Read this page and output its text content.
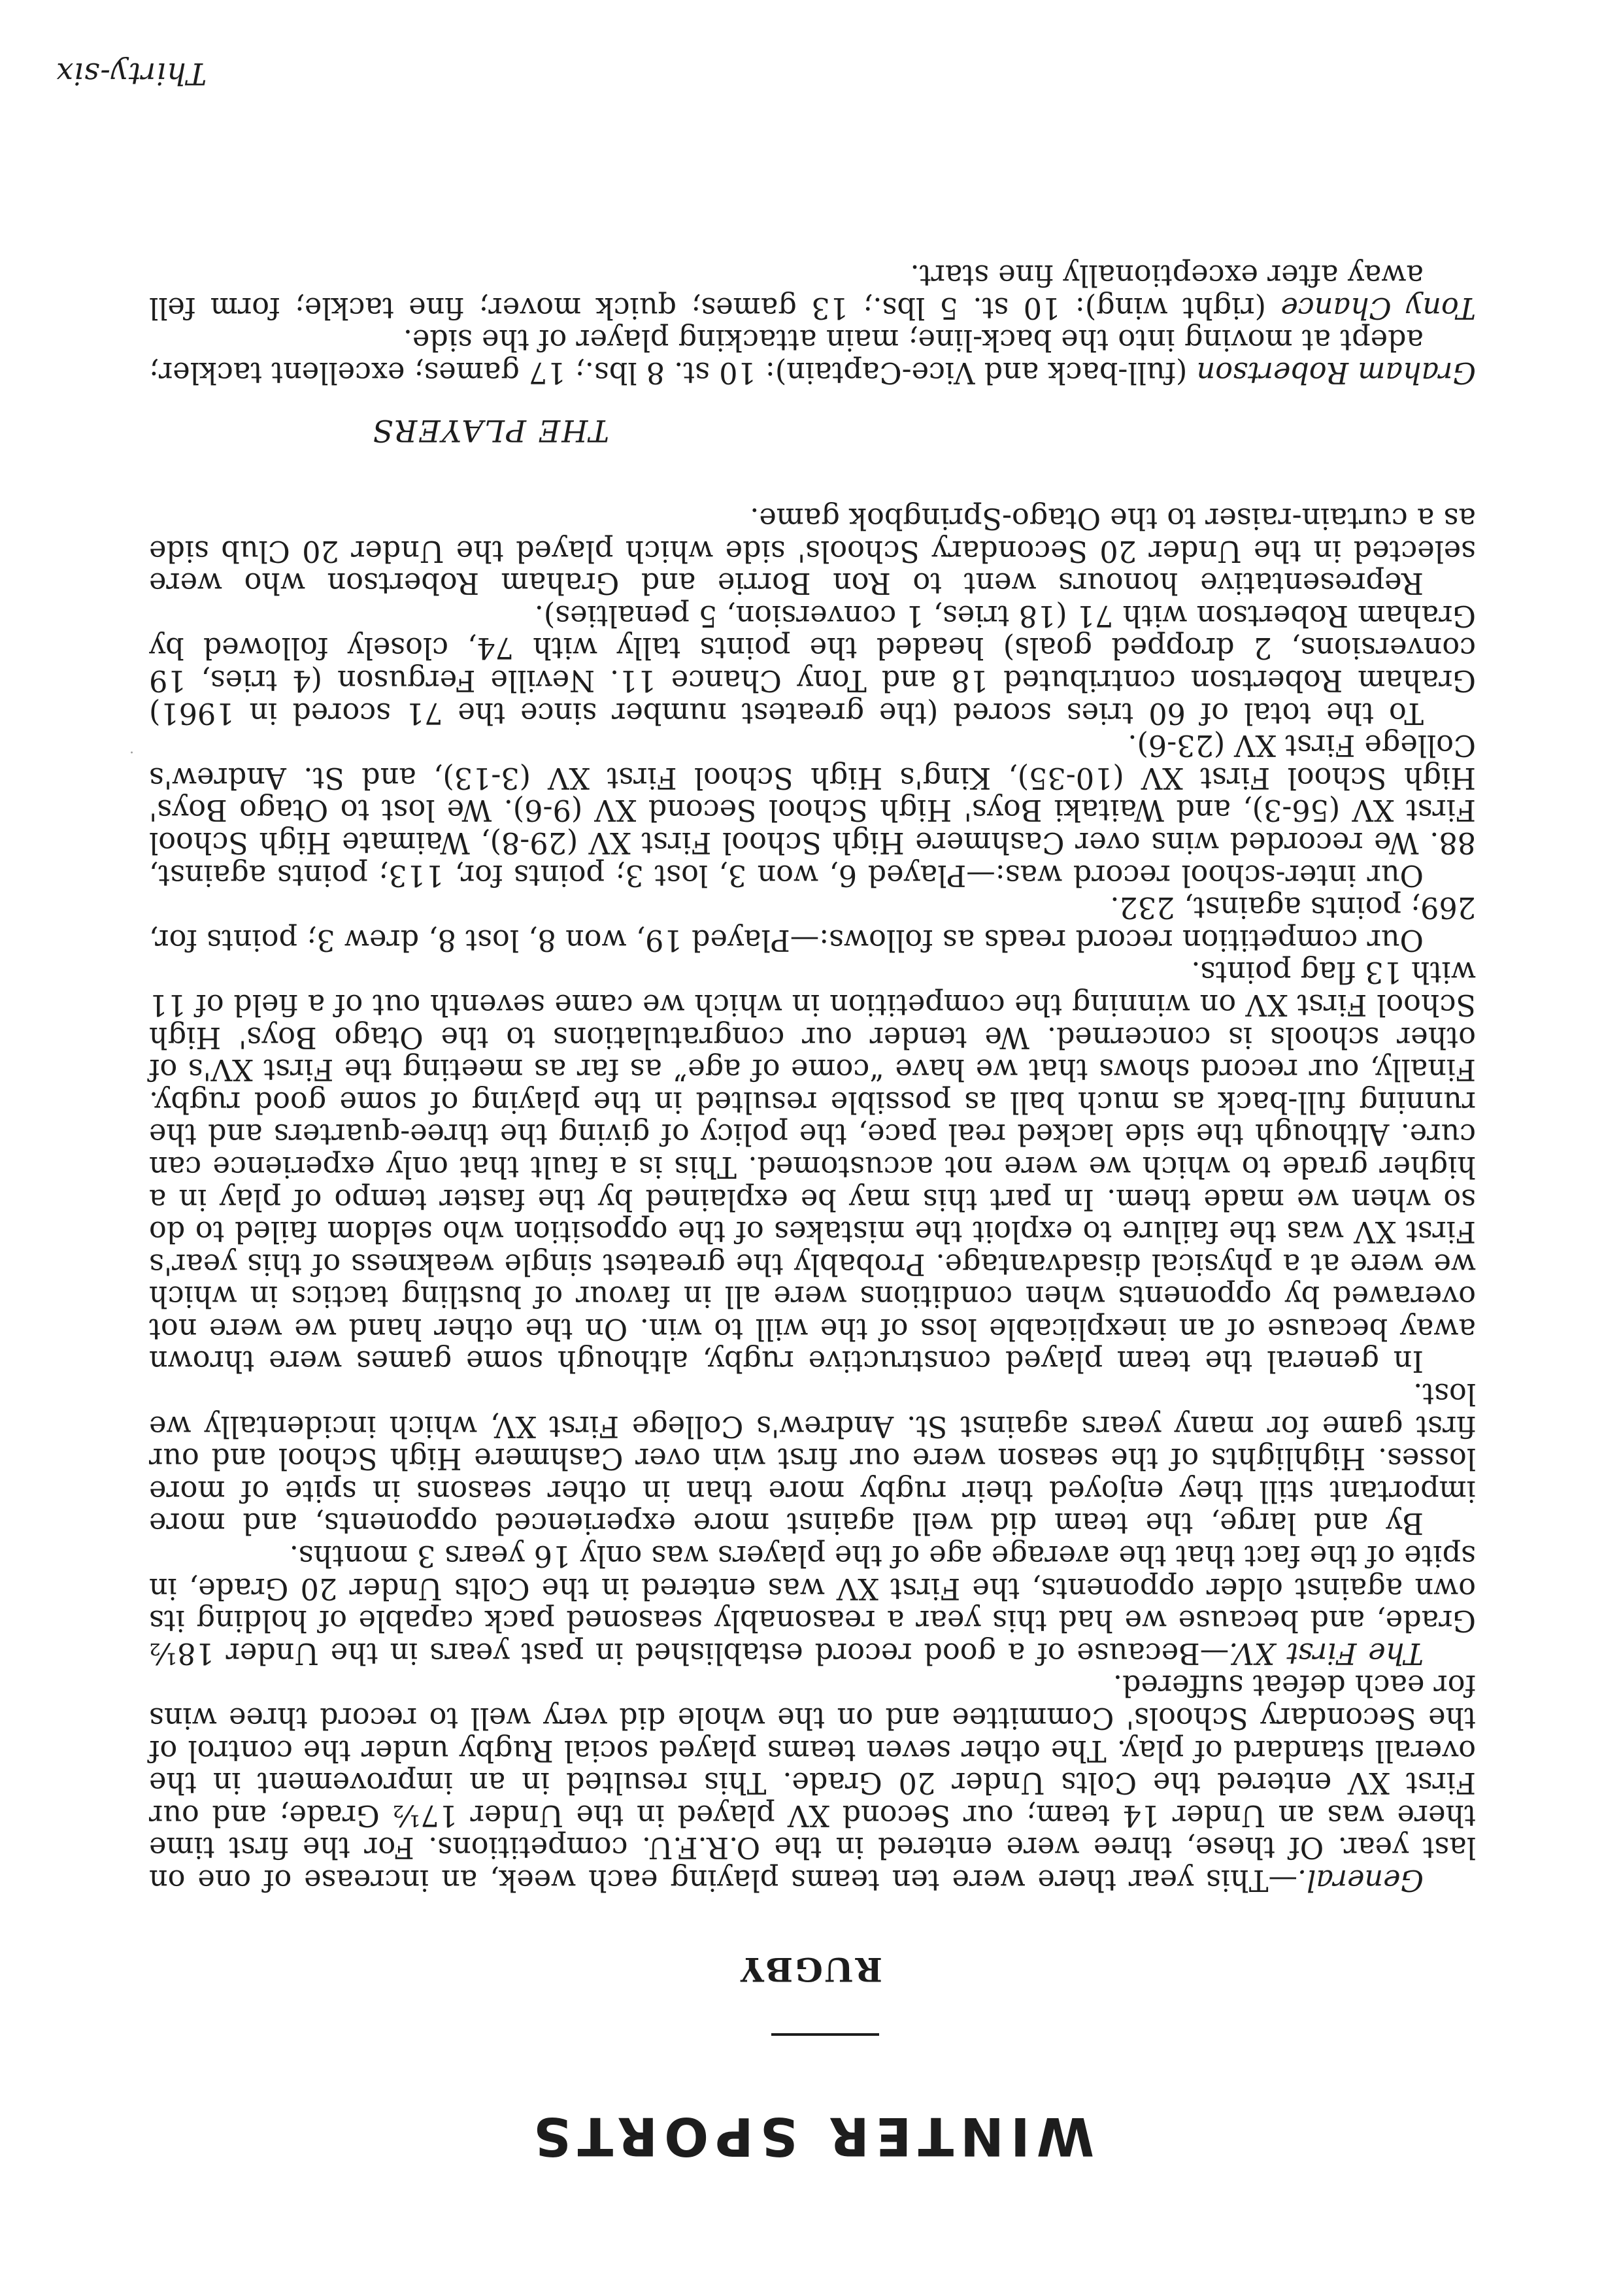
Thirty-six
WINTER SPORTS
RUGBY

General.—This year there were ten teams playing each week, an increase of one on last year. Of these, three were entered in the O.R.F.U. competitions. For the first time there was an Under 14 team; our Second XV played in the Under 17½ Grade; and our First XV entered the Colts Under 20 Grade. This resulted in an improvement in the overall standard of play. The other seven teams played social Rugby under the control of the Secondary Schools' Committee and on the whole did very well to record three wins for each defeat suffered.

The First XV.—Because of a good record established in past years in the Under 18½ Grade, and because we had this year a reasonably seasoned pack capable of holding its own against older opponents, the First XV was entered in the Colts Under 20 Grade, in spite of the fact that the average age of the players was only 16 years 3 months.

By and large, the team did well against more experienced opponents, and more important still they enjoyed their rugby more than in other seasons in spite of more losses. Highlights of the season were our first win over Cashmere High School and our first game for many years against St. Andrew's College First XV, which incidentally we lost.

In general the team played constructive rugby, although some games were thrown away because of an inexplicable loss of the will to win. On the other hand we were not overawed by opponents when conditions were all in favour of bustling tactics in which we were at a physical disadvantage. Probably the greatest single weakness of this year's First XV was the failure to exploit the mistakes of the opposition who seldom failed to do so when we made them. In part this may be explained by the faster tempo of play in a higher grade to which we were not accustomed. This is a fault that only experience can cure. Although the side lacked real pace, the policy of giving the three-quarters and the running full-back as much ball as possible resulted in the playing of some good rugby. Finally, our record shows that we have “come of age” as far as meeting the First XV's of other schools is concerned. We tender our congratulations to the Otago Boys' High School First XV on winning the competition in which we came seventh out of a field of 11 with 13 flag points.

Our competition record reads as follows:—Played 19, won 8, lost 8, drew 3; points for, 269; points against, 232.

Our inter-school record was:—Played 6, won 3, lost 3; points for, 113; points against, 88. We recorded wins over Cashmere High School First XV (29-8), Waimate High School First XV (56-3), and Waitaki Boys' High School Second XV (9-6). We lost to Otago Boys' High School First XV (10-35), King's High School First XV (3-13), and St. Andrew's College First XV (23-6).

To the total of 60 tries scored (the greatest number since the 71 scored in 1961) Graham Robertson contributed 18 and Tony Chance 11. Neville Ferguson (4 tries, 19 conversions, 2 dropped goals) headed the points tally with 74, closely followed by Graham Robertson with 71 (18 tries, 1 conversion, 5 penalties).

Representative honours went to Ron Borrie and Graham Robertson who were selected in the Under 20 Secondary Schools' side which played the Under 20 Club side as a curtain-raiser to the Otago-Springbok game.

THE PLAYERS

Graham Robertson (full-back and Vice-Captain): 10 st. 8 lbs.; 17 games; excellent tackler; adept at moving into the back-line; main attacking player of the side.

Tony Chance (right wing): 10 st. 5 lbs.; 13 games; quick mover; fine tackle; form fell away after exceptionally fine start.

·
